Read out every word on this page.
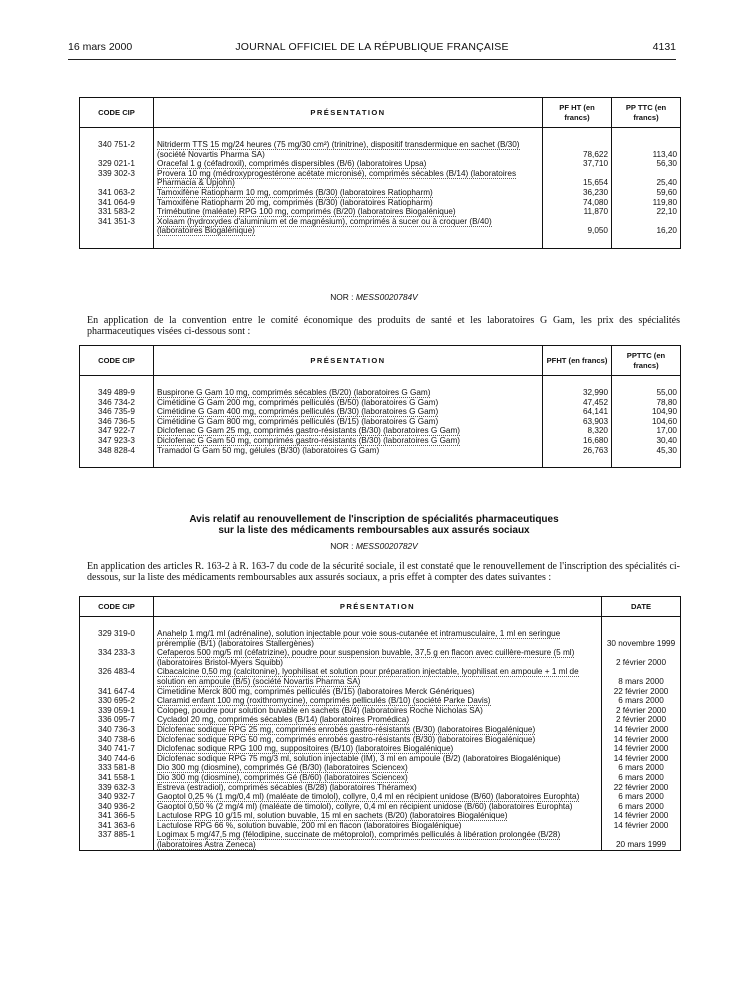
16 mars 2000	JOURNAL OFFICIEL DE LA RÉPUBLIQUE FRANÇAISE	4131
CODE CIP	PRÉSENTATION	PF HT (en francs)	PP TTC (en francs)

340 751-2	Nitriderm TTS 15 mg/24 heures (75 mg/30 cm²) (trinitrine), dispositif transdermique en sachet (B/30) (société Novartis Pharma SA)	78,622	113,40
329 021-1	Oracefal 1 g (céfadroxil), comprimés dispersibles (B/6) (laboratoires Upsa)	37,710	56,30
339 302-3	Provera 10 mg (médroxyprogestérone acétate micronisé), comprimés sécables (B/14) (laboratoires Pharmacia & Upjohn)	15,654	25,40
341 063-2	Tamoxifène Ratiopharm 10 mg, comprimés (B/30) (laboratoires Ratiopharm)	36,230	59,60
341 064-9	Tamoxifène Ratiopharm 20 mg, comprimés (B/30) (laboratoires Ratiopharm)	74,080	119,80
331 583-2	Trimébutine (maléate) RPG 100 mg, comprimés (B/20) (laboratoires Biogalénique)	11,870	22,10
341 351-3	Xolaam (hydroxydes d'aluminium et de magnésium), comprimés à sucer ou à croquer (B/40) (laboratoires Biogalénique)	9,050	16,20

NOR : MESS0020784V
En application de la convention entre le comité économique des produits de santé et les laboratoires G Gam, les prix des spécialités pharmaceutiques visées ci-dessous sont :
CODE CIP	PRÉSENTATION	PFHT (en francs)	PPTTC (en francs)

349 489-9	Buspirone G Gam 10 mg, comprimés sécables (B/20) (laboratoires G Gam)	32,990	55,00
346 734-2	Cimétidine G Gam 200 mg, comprimés pelliculés (B/50) (laboratoires G Gam)	47,452	78,80
346 735-9	Cimétidine G Gam 400 mg, comprimés pelliculés (B/30) (laboratoires G Gam)	64,141	104,90
346 736-5	Cimétidine G Gam 800 mg, comprimés pelliculés (B/15) (laboratoires G Gam)	63,903	104,60
347 922-7	Diclofenac G Gam 25 mg, comprimés gastro-résistants (B/30) (laboratoires G Gam)	8,320	17,00
347 923-3	Diclofenac G Gam 50 mg, comprimés gastro-résistants (B/30) (laboratoires G Gam)	16,680	30,40
348 828-4	Tramadol G Gam 50 mg, gélules (B/30) (laboratoires G Gam)	26,763	45,30

Avis relatif au renouvellement de l'inscription de spécialités pharmaceutiques
sur la liste des médicaments remboursables aux assurés sociaux
NOR : MESS0020782V
En application des articles R. 163-2 à R. 163-7 du code de la sécurité sociale, il est constaté que le renouvellement de l'inscription des spécialités ci-dessous, sur la liste des médicaments remboursables aux assurés sociaux, a pris effet à compter des dates suivantes :
CODE CIP	PRÉSENTATION	DATE

329 319-0	Anahelp 1 mg/1 ml (adrénaline), solution injectable pour voie sous-cutanée et intramusculaire, 1 ml en seringue préremplie (B/1) (laboratoires Stallergènes)	30 novembre 1999
334 233-3	Cefaperos 500 mg/5 ml (céfatrizine), poudre pour suspension buvable, 37,5 g en flacon avec cuillère-mesure (5 ml) (laboratoires Bristol-Myers Squibb)	2 février 2000
326 483-4	Cibacalcine 0,50 mg (calcitonine), lyophilisat et solution pour préparation injectable, lyophilisat en ampoule + 1 ml de solution en ampoule (B/5) (société Novartis Pharma SA)	8 mars 2000
341 647-4	Cimetidine Merck 800 mg, comprimés pelliculés (B/15) (laboratoires Merck Génériques)	22 février 2000
330 695-2	Claramid enfant 100 mg (roxithromycine), comprimés pelliculés (B/10) (société Parke Davis)	6 mars 2000
339 059-1	Colopeg, poudre pour solution buvable en sachets (B/4) (laboratoires Roche Nicholas SA)	2 février 2000
336 095-7	Cycladol 20 mg, comprimés sécables (B/14) (laboratoires Promédica)	2 février 2000
340 736-3	Diclofenac sodique RPG 25 mg, comprimés enrobés gastro-résistants (B/30) (laboratoires Biogalénique)	14 février 2000
340 738-6	Diclofenac sodique RPG 50 mg, comprimés enrobés gastro-résistants (B/30) (laboratoires Biogalénique)	14 février 2000
340 741-7	Diclofenac sodique RPG 100 mg, suppositoires (B/10) (laboratoires Biogalénique)	14 février 2000
340 744-6	Diclofenac sodique RPG 75 mg/3 ml, solution injectable (IM), 3 ml en ampoule (B/2) (laboratoires Biogalénique)	14 février 2000
333 581-8	Dio 300 mg (diosmine), comprimés Gé (B/30) (laboratoires Sciencex)	6 mars 2000
341 558-1	Dio 300 mg (diosmine), comprimés Gé (B/60) (laboratoires Sciencex)	6 mars 2000
339 632-3	Estreva (estradiol), comprimés sécables (B/28) (laboratoires Théramex)	22 février 2000
340 932-7	Gaoptol 0,25 % (1 mg/0,4 ml) (maléate de timolol), collyre, 0,4 ml en récipient unidose (B/60) (laboratoires Europhta)	6 mars 2000
340 936-2	Gaoptol 0,50 % (2 mg/4 ml) (maléate de timolol), collyre, 0,4 ml en récipient unidose (B/60) (laboratoires Europhta)	6 mars 2000
341 366-5	Lactulose RPG 10 g/15 ml, solution buvable, 15 ml en sachets (B/20) (laboratoires Biogalénique)	14 février 2000
341 363-6	Lactulose RPG 66 %, solution buvable, 200 ml en flacon (laboratoires Biogalénique)	14 février 2000
337 885-1	Logimax 5 mg/47,5 mg (félodipine, succinate de métoprolol), comprimés pelliculés à libération prolongée (B/28) (laboratoires Astra Zeneca)	20 mars 1999
